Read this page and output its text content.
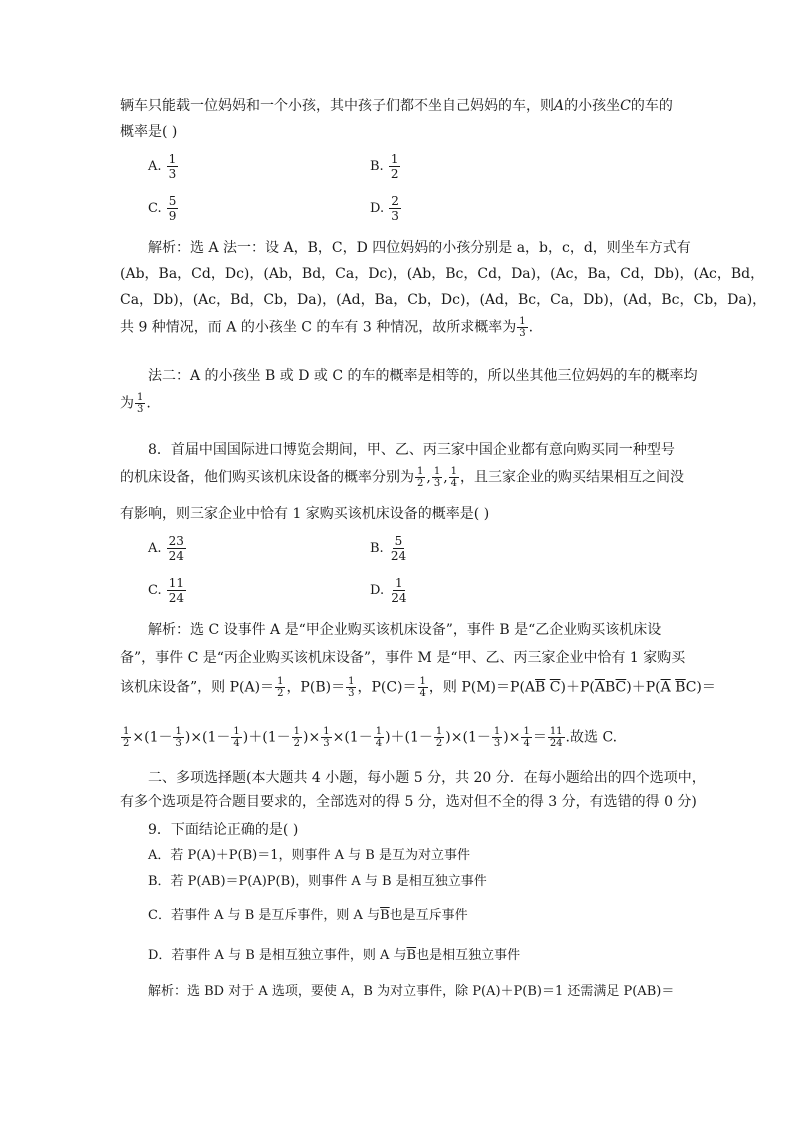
辆车只能载一位妈妈和一个小孩，其中孩子们都不坐自己妈妈的车，则A的小孩坐C的车的
概率是( )
A. $\frac{1}{3}$	B. $\frac{1}{2}$
C. $\frac{5}{9}$	D. $\frac{2}{3}$
解析：选 A 法一：设 A，B，C，D 四位妈妈的小孩分别是 a，b，c，d，则坐车方式有
(Ab，Ba，Cd，Dc)，(Ab，Bd，Ca，Dc)，(Ab，Bc，Cd，Da)，(Ac，Ba，Cd，Db)，(Ac，Bd，
Ca，Db)，(Ac，Bd，Cb，Da)，(Ad，Ba，Cb，Dc)，(Ad，Bc，Ca，Db)，(Ad，Bc，Cb，Da)，
共 9 种情况，而 A 的小孩坐 C 的车有 3 种情况，故所求概率为 $\frac{1}{3}$ .
法二：A 的小孩坐 B 或 D 或 C 的车的概率是相等的，所以坐其他三位妈妈的车的概率均
为 $\frac{1}{3}$ .
8．首届中国国际进口博览会期间，甲、乙、丙三家中国企业都有意向购买同一种型号
的机床设备，他们购买该机床设备的概率分别为 $\frac{1}{2}$ , $\frac{1}{3}$ , $\frac{1}{4}$ ，且三家企业的购买结果相互之间没
有影响，则三家企业中恰有 1 家购买该机床设备的概率是( )
A. $\frac{23}{24}$	B. $\frac{5}{24}$
C. $\frac{11}{24}$	D. $\frac{1}{24}$
解析：选 C 设事件 A 是“甲企业购买该机床设备”，事件 B 是“乙企业购买该机床设
备”，事件 C 是“丙企业购买该机床设备”，事件 M 是“甲、乙、丙三家企业中恰有 1 家购买
该机床设备”，则 $P(A)= \frac{1}{2}$ ，$P(B)= \frac{1}{3}$ ，$P(C)= \frac{1}{4}$ ，则 $P(M)=P(A\overline{B}$ $\overline{C})+P(\overline{A}B\overline{C})+P(\overline{A}$ $\overline{B}C)=$
$\frac{1}{2} \times(1- \frac{1}{3} )\times(1- \frac{1}{4} )+(1- \frac{1}{2}$ )× $\frac{1}{3} \times(1- \frac{1}{4} )+(1- \frac{1}{2} )\times(1- \frac{1}{3}$ )× $\frac{1}{4} = \frac{11}{24}$ .故选 C.
二、多项选择题(本大题共 4 小题，每小题 5 分，共 20 分．在每小题给出的四个选项中，
有多个选项是符合题目要求的，全部选对的得 5 分，选对但不全的得 3 分，有选错的得 0 分)
9．下面结论正确的是( )
A．若 P(A)＋P(B)＝1，则事件 A 与 B 是互为对立事件
B．若 P(AB)＝P(A)P(B)，则事件 A 与 B 是相互独立事件
C．若事件 A 与 B 是互斥事件，则 A 与$\overline{B}$也是互斥事件
D．若事件 A 与 B 是相互独立事件，则 A 与$\overline{B}$也是相互独立事件
解析：选 BD 对于 A 选项，要使 A，B 为对立事件，除 P(A)＋P(B)＝1 还需满足 P(AB)＝
